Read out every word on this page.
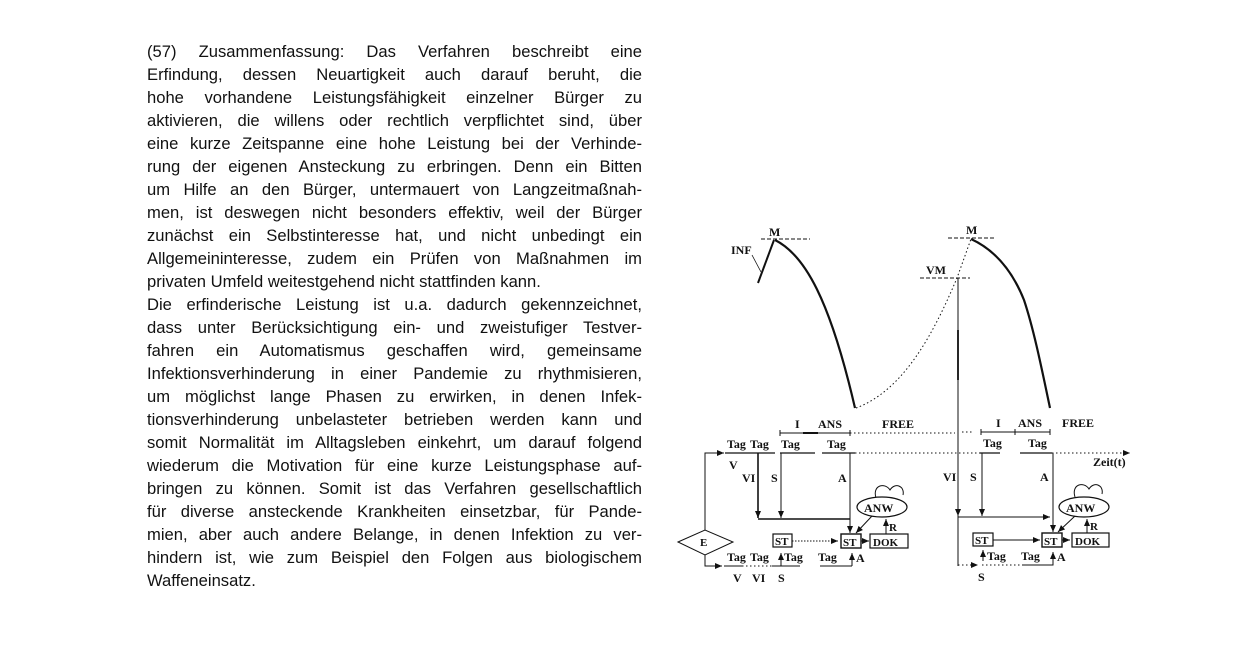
(57) Zusammenfassung: Das Verfahren beschreibt eine
Erfindung, dessen Neuartigkeit auch darauf beruht, die
hohe vorhandene Leistungsfähigkeit einzelner Bürger zu
aktivieren, die willens oder rechtlich verpflichtet sind, über
eine kurze Zeitspanne eine hohe Leistung bei der Verhinde-
rung der eigenen Ansteckung zu erbringen. Denn ein Bitten
um Hilfe an den Bürger, untermauert von Langzeitmaßnah-
men, ist deswegen nicht besonders effektiv, weil der Bürger
zunächst ein Selbstinteresse hat, und nicht unbedingt ein
Allgemeininteresse, zudem ein Prüfen von Maßnahmen im
privaten Umfeld weitestgehend nicht stattfinden kann.

Die erfinderische Leistung ist u.a. dadurch gekennzeichnet,
dass unter Berücksichtigung ein- und zweistufiger Testver-
fahren ein Automatismus geschaffen wird, gemeinsame
Infektionsverhinderung in einer Pandemie zu rhythmisieren,
um möglichst lange Phasen zu erwirken, in denen Infek-
tionsverhinderung unbelasteter betrieben werden kann und
somit Normalität im Alltagsleben einkehrt, um darauf folgend
wiederum die Motivation für eine kurze Leistungsphase auf-
bringen zu können. Somit ist das Verfahren gesellschaftlich
für diverse ansteckende Krankheiten einsetzbar, für Pande-
mien, aber auch andere Belange, in denen Infektion zu ver-
hindern ist, wie zum Beispiel den Folgen aus biologischem
Waffeneinsatz.

INF
M
VM
M
I ANS	FREE	I ANS FREE
Zeit(t)
Tag Tag Tag Tag	Tag Tag
V
VI S	A
E
Tag Tag Tag Tag
V VI S
A
ST	ST DOK
ANW
R
VI S	A
ST	ST DOK
ANW
R
Tag Tag A
S
